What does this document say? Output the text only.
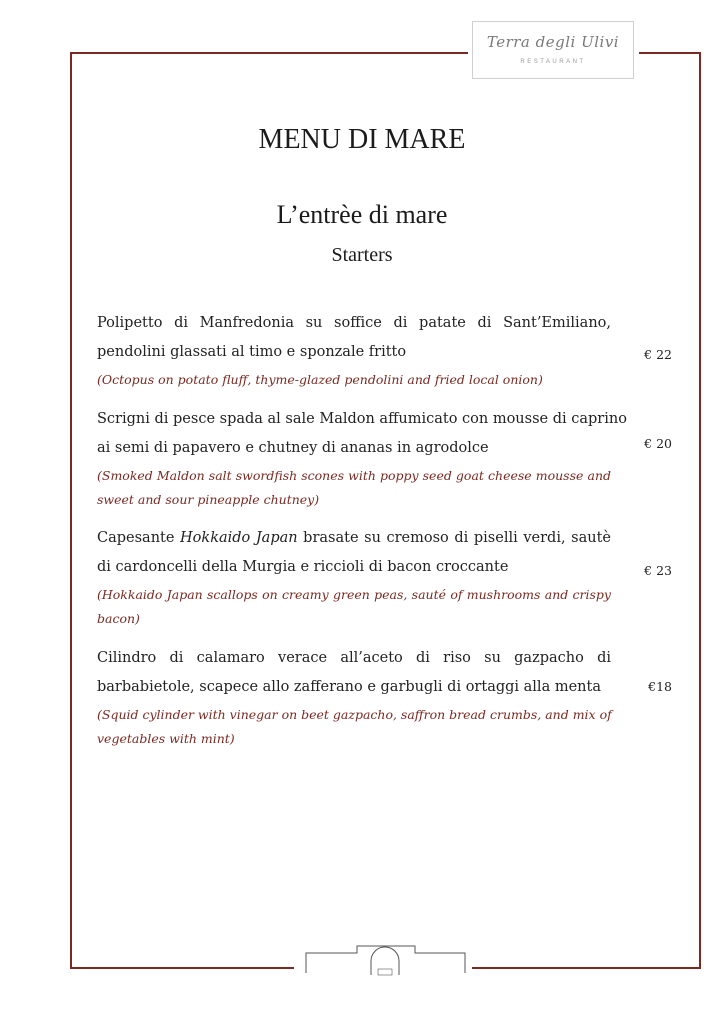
Terra degli Ulivi
RESTAURANT
MENU DI MARE
L’entrèe di mare
Starters
Polipetto di Manfredonia su soffice di patate di Sant’Emiliano,
pendolini glassati al timo e sponzale fritto
(Octopus on potato fluff, thyme-glazed pendolini and fried local onion)
€ 22
Scrigni di pesce spada al sale Maldon affumicato con mousse di caprino
ai semi di papavero e chutney di ananas in agrodolce
(Smoked Maldon salt swordfish scones with poppy seed goat cheese mousse and
sweet and sour pineapple chutney)
€ 20
Capesante Hokkaido Japan brasate su cremoso di piselli verdi, sautè
di cardoncelli della Murgia e riccioli di bacon croccante
(Hokkaido Japan scallops on creamy green peas, sauté of mushrooms and crispy
bacon)
€ 23
Cilindro di calamaro verace all’aceto di riso su gazpacho di
barbabietole, scapece allo zafferano e garbugli di ortaggi alla menta
(Squid cylinder with vinegar on beet gazpacho, saffron bread crumbs, and mix of
vegetables with mint)
€18
